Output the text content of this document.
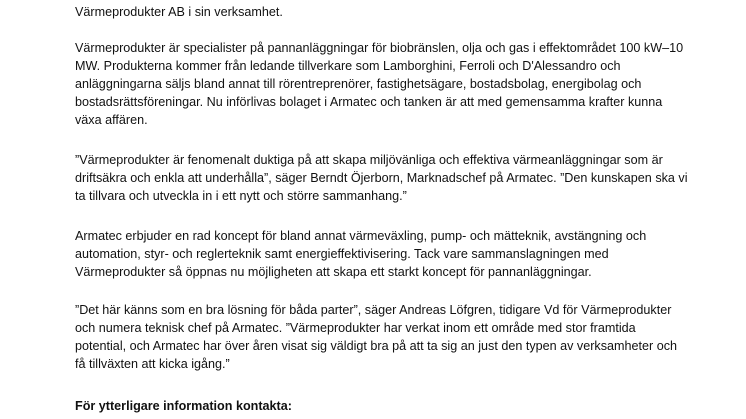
Värmeprodukter AB i sin verksamhet.
Värmeprodukter är specialister på pannanläggningar för biobränslen, olja och gas i effektområdet 100 kW–10
MW. Produkterna kommer från ledande tillverkare som Lamborghini, Ferroli och D'Alessandro och
anläggningarna säljs bland annat till rörentreprenörer, fastighetsägare, bostadsbolag, energibolag och
bostadsrättsföreningar. Nu införlivas bolaget i Armatec och tanken är att med gemensamma krafter kunna
växa affären.
”Värmeprodukter är fenomenalt duktiga på att skapa miljövänliga och effektiva värmeanläggningar som är
driftsäkra och enkla att underhålla”, säger Berndt Öjerborn, Marknadschef på Armatec. ”Den kunskapen ska vi
ta tillvara och utveckla in i ett nytt och större sammanhang.”
Armatec erbjuder en rad koncept för bland annat värmeväxling, pump- och mätteknik, avstängning och
automation, styr- och reglerteknik samt energieffektivisering. Tack vare sammanslagningen med
Värmeprodukter så öppnas nu möjligheten att skapa ett starkt koncept för pannanläggningar.
”Det här känns som en bra lösning för båda parter”, säger Andreas Löfgren, tidigare Vd för Värmeprodukter
och numera teknisk chef på Armatec. ”Värmeprodukter har verkat inom ett område med stor framtida
potential, och Armatec har över åren visat sig väldigt bra på att ta sig an just den typen av verksamheter och
få tillväxten att kicka igång.”
För ytterligare information kontakta:
